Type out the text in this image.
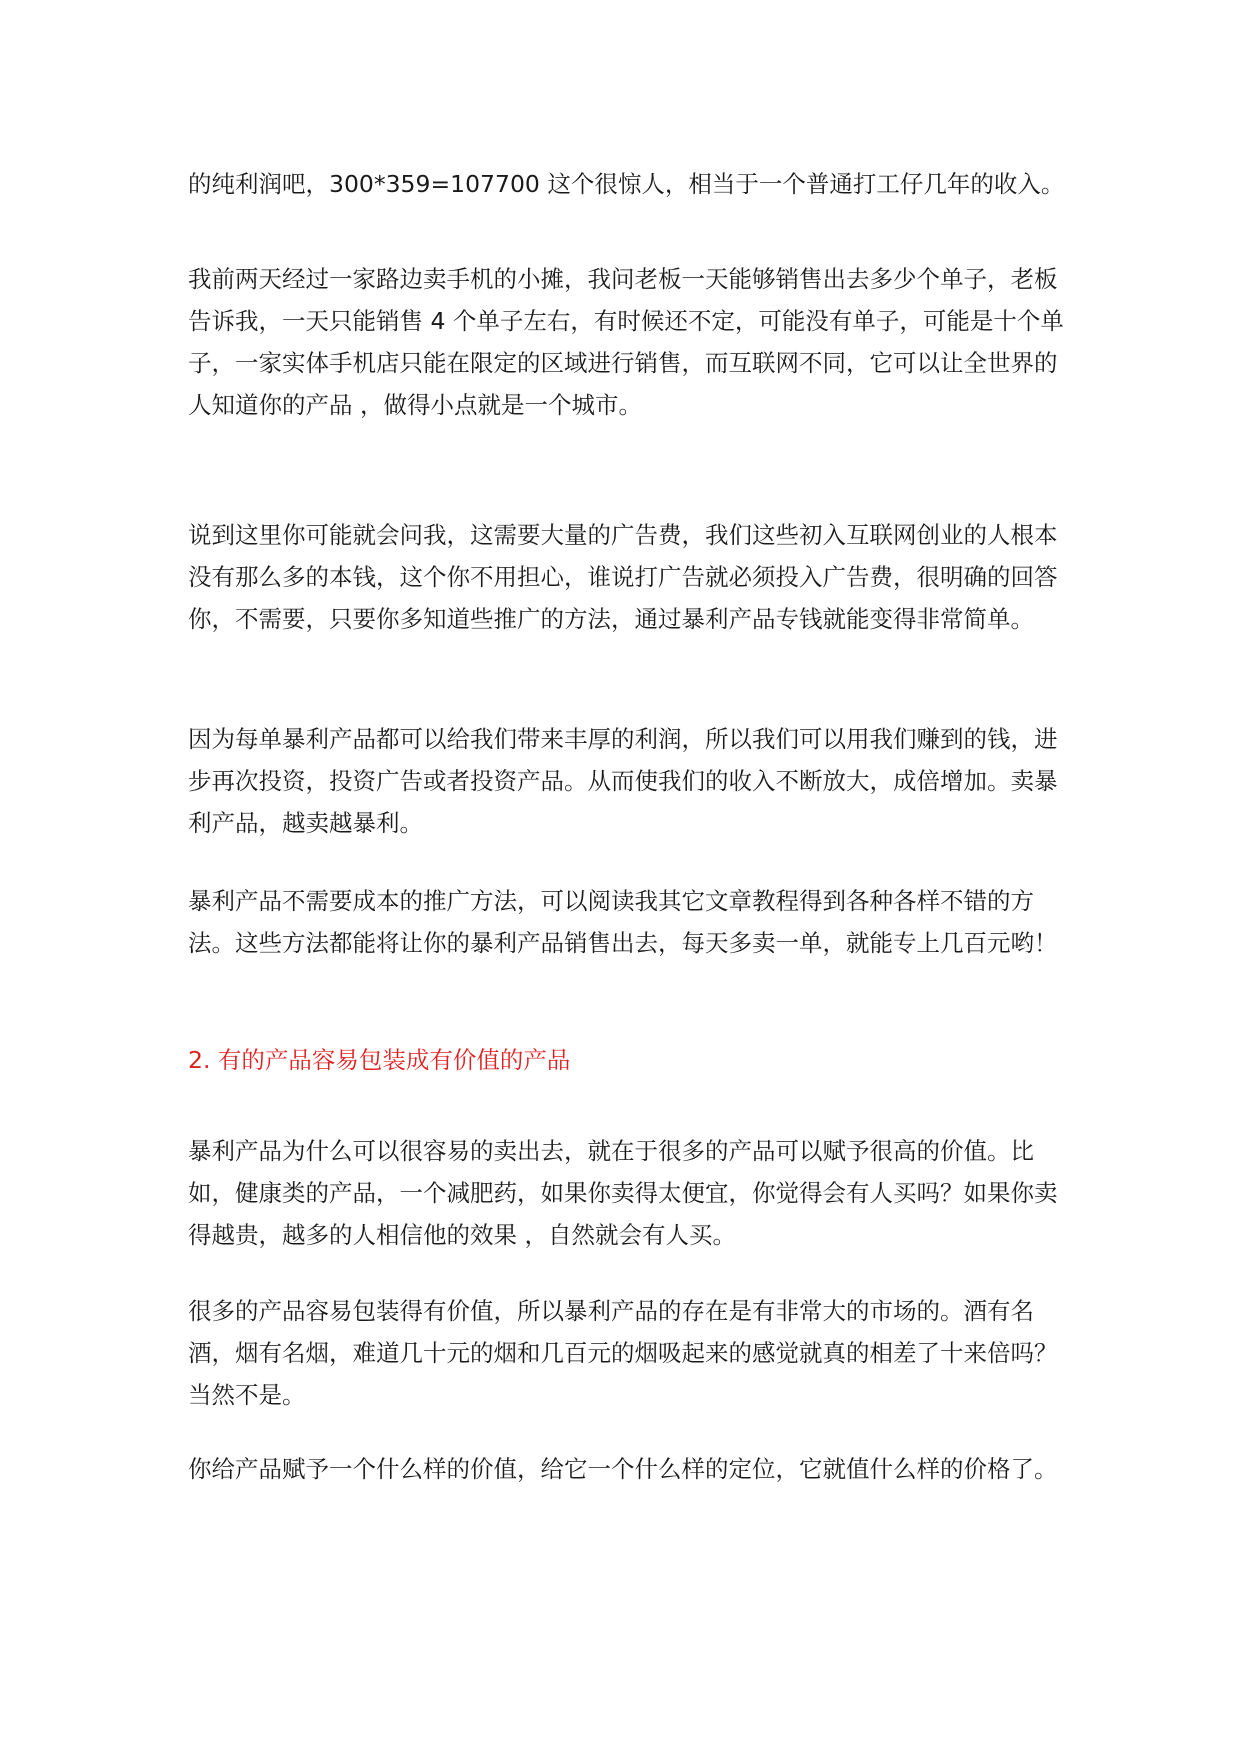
的纯利润吧，300*359=107700 这个很惊人，相当于一个普通打工仔几年的收入。

我前两天经过一家路边卖手机的小摊，我问老板一天能够销售出去多少个单子，老板告诉我，一天只能销售 4 个单子左右，有时候还不定，可能没有单子，可能是十个单子，一家实体手机店只能在限定的区域进行销售，而互联网不同，它可以让全世界的人知道你的产品 ，做得小点就是一个城市。

说到这里你可能就会问我，这需要大量的广告费，我们这些初入互联网创业的人根本没有那么多的本钱，这个你不用担心，谁说打广告就必须投入广告费，很明确的回答你，不需要，只要你多知道些推广的方法，通过暴利产品专钱就能变得非常简单。

因为每单暴利产品都可以给我们带来丰厚的利润，所以我们可以用我们赚到的钱，进步再次投资，投资广告或者投资产品。从而使我们的收入不断放大，成倍增加。卖暴利产品，越卖越暴利。

暴利产品不需要成本的推广方法，可以阅读我其它文章教程得到各种各样不错的方法。这些方法都能将让你的暴利产品销售出去，每天多卖一单，就能专上几百元哟！

2. 有的产品容易包装成有价值的产品

暴利产品为什么可以很容易的卖出去，就在于很多的产品可以赋予很高的价值。比如，健康类的产品，一个减肥药，如果你卖得太便宜，你觉得会有人买吗？如果你卖得越贵，越多的人相信他的效果 ，自然就会有人买。

很多的产品容易包装得有价值，所以暴利产品的存在是有非常大的市场的。酒有名酒，烟有名烟，难道几十元的烟和几百元的烟吸起来的感觉就真的相差了十来倍吗？当然不是。

你给产品赋予一个什么样的价值，给它一个什么样的定位，它就值什么样的价格了。
